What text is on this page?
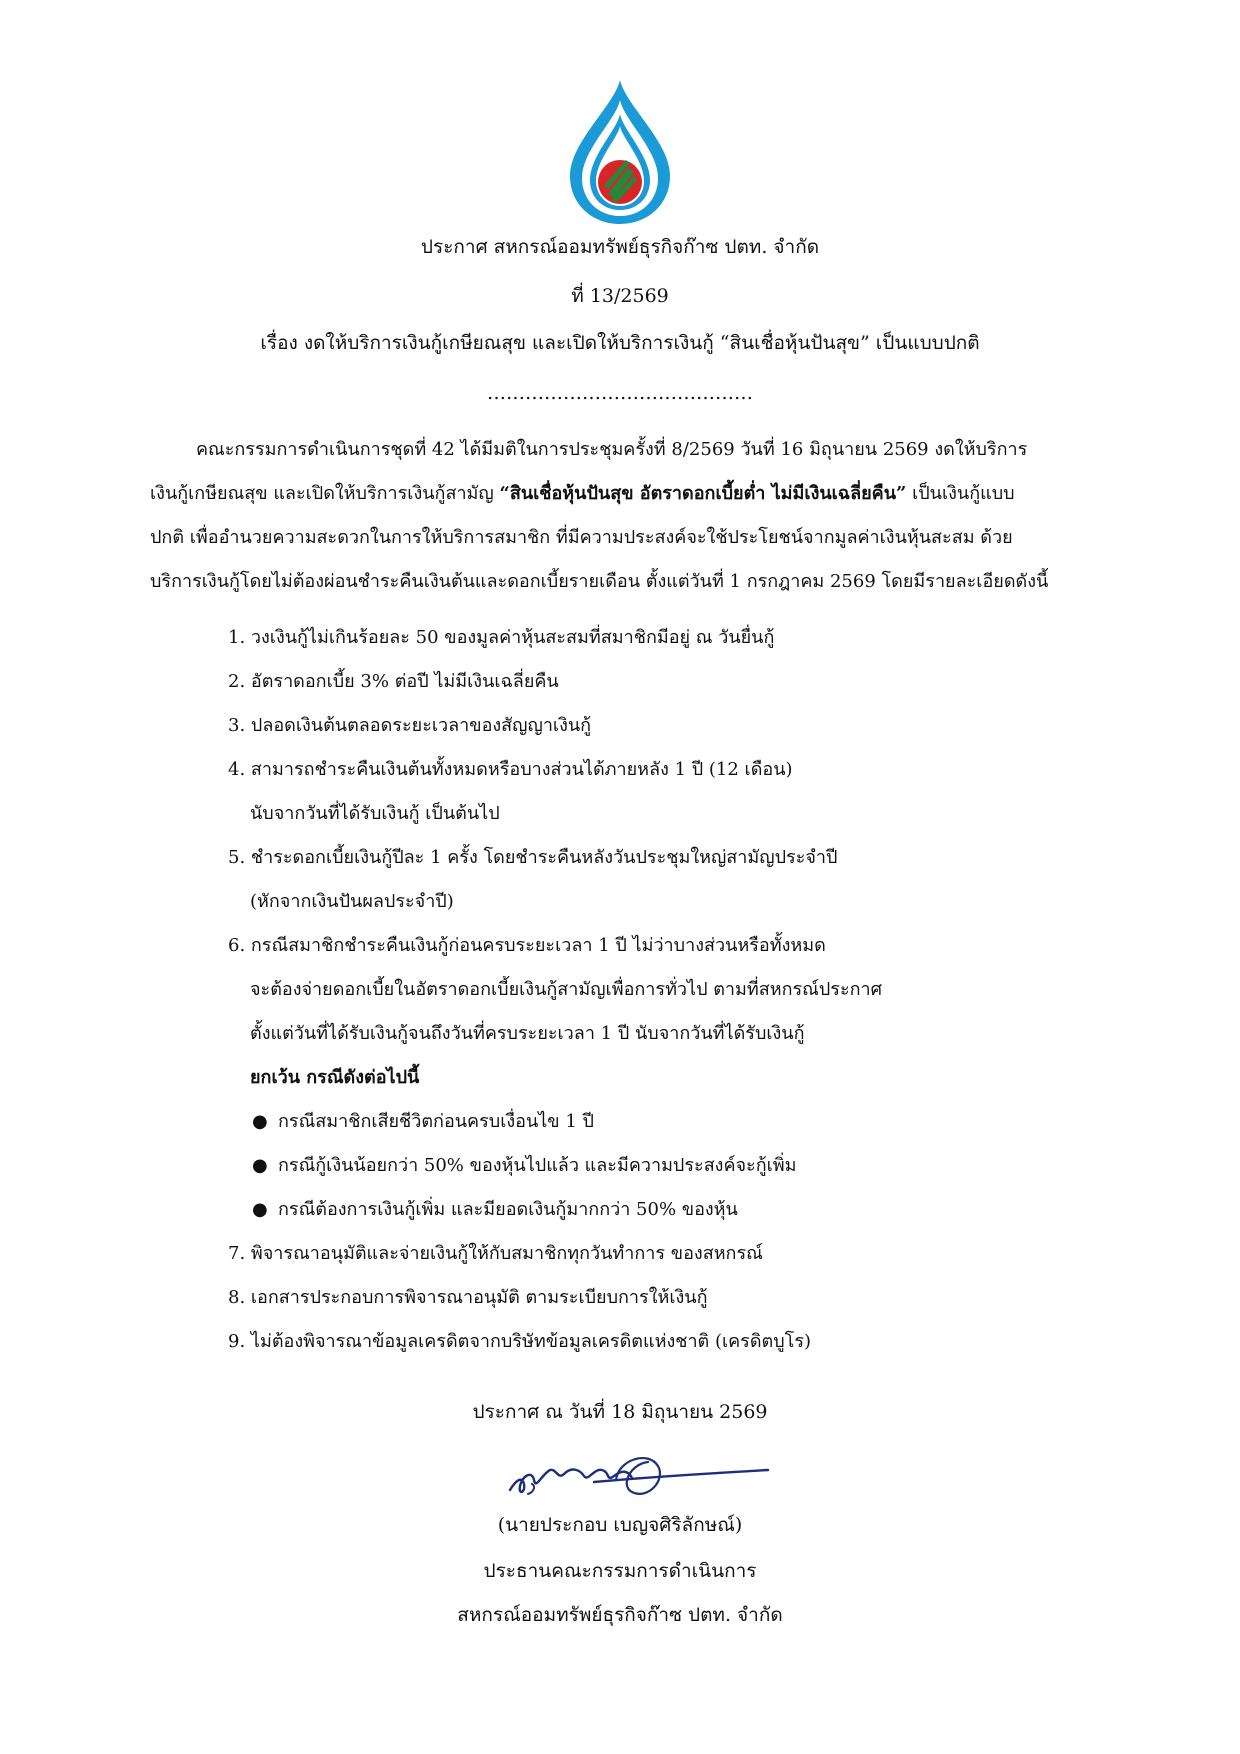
ประกาศ สหกรณ์ออมทรัพย์ธุรกิจก๊าซ ปตท. จำกัด
ที่ 13/2569
เรื่อง งดให้บริการเงินกู้เกษียณสุข และเปิดให้บริการเงินกู้ “สินเชื่อหุ้นปันสุข” เป็นแบบปกติ
……………………………………

คณะกรรมการดำเนินการชุดที่ 42 ได้มีมติในการประชุมครั้งที่ 8/2569 วันที่ 16 มิถุนายน 2569 งดให้บริการ

เงินกู้เกษียณสุข และเปิดให้บริการเงินกู้สามัญ “สินเชื่อหุ้นปันสุข อัตราดอกเบี้ยต่ำ ไม่มีเงินเฉลี่ยคืน” เป็นเงินกู้แบบ

ปกติ เพื่ออำนวยความสะดวกในการให้บริการสมาชิก ที่มีความประสงค์จะใช้ประโยชน์จากมูลค่าเงินหุ้นสะสม ด้วย

บริการเงินกู้โดยไม่ต้องผ่อนชำระคืนเงินต้นและดอกเบี้ยรายเดือน ตั้งแต่วันที่ 1 กรกฎาคม 2569 โดยมีรายละเอียดดังนี้

1. วงเงินกู้ไม่เกินร้อยละ 50 ของมูลค่าหุ้นสะสมที่สมาชิกมีอยู่ ณ วันยื่นกู้
2. อัตราดอกเบี้ย 3% ต่อปี ไม่มีเงินเฉลี่ยคืน
3. ปลอดเงินต้นตลอดระยะเวลาของสัญญาเงินกู้
4. สามารถชำระคืนเงินต้นทั้งหมดหรือบางส่วนได้ภายหลัง 1 ปี (12 เดือน)
นับจากวันที่ได้รับเงินกู้ เป็นต้นไป
5. ชำระดอกเบี้ยเงินกู้ปีละ 1 ครั้ง โดยชำระคืนหลังวันประชุมใหญ่สามัญประจำปี
(หักจากเงินปันผลประจำปี)
6. กรณีสมาชิกชำระคืนเงินกู้ก่อนครบระยะเวลา 1 ปี ไม่ว่าบางส่วนหรือทั้งหมด
จะต้องจ่ายดอกเบี้ยในอัตราดอกเบี้ยเงินกู้สามัญเพื่อการทั่วไป ตามที่สหกรณ์ประกาศ
ตั้งแต่วันที่ได้รับเงินกู้จนถึงวันที่ครบระยะเวลา 1 ปี นับจากวันที่ได้รับเงินกู้
ยกเว้น กรณีดังต่อไปนี้
● กรณีสมาชิกเสียชีวิตก่อนครบเงื่อนไข 1 ปี
● กรณีกู้เงินน้อยกว่า 50% ของหุ้นไปแล้ว และมีความประสงค์จะกู้เพิ่ม
● กรณีต้องการเงินกู้เพิ่ม และมียอดเงินกู้มากกว่า 50% ของหุ้น
7. พิจารณาอนุมัติและจ่ายเงินกู้ให้กับสมาชิกทุกวันทำการ ของสหกรณ์
8. เอกสารประกอบการพิจารณาอนุมัติ ตามระเบียบการให้เงินกู้
9. ไม่ต้องพิจารณาข้อมูลเครดิตจากบริษัทข้อมูลเครดิตแห่งชาติ (เครดิตบูโร)
ประกาศ ณ วันที่ 18 มิถุนายน 2569
(นายประกอบ เบญจศิริลักษณ์)
ประธานคณะกรรมการดำเนินการ
สหกรณ์ออมทรัพย์ธุรกิจก๊าซ ปตท. จำกัด
